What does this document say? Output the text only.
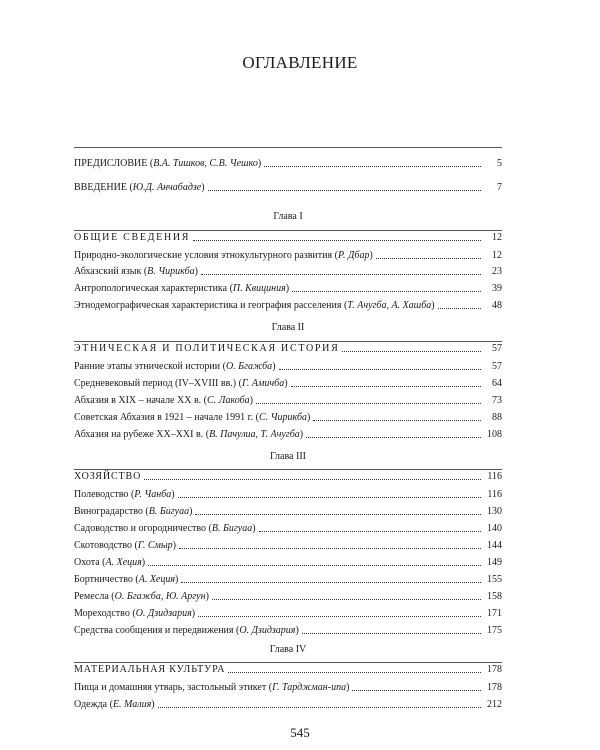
ОГЛАВЛЕНИЕ
ПРЕДИСЛОВИЕ (В.А. Тишков, С.В. Чешко)	5
ВВЕДЕНИЕ (Ю.Д. Анчабадзе)	7
Глава I
ОБЩИЕ СВЕДЕНИЯ	12
Природно-экологические условия этнокультурного развития (Р. Дбар)	12
Абхазский язык (В. Чирикба)	23
Антропологическая характеристика (П. Квициния)	39
Этнодемографическая характеристика и география расселения (Т. Ачугба, А. Хашба)	48
Глава II
ЭТНИЧЕСКАЯ И ПОЛИТИЧЕСКАЯ ИСТОРИЯ	57
Ранние этапы этнической истории (О. Бгажба)	57
Средневековый период (IV–XVIII вв.) (Г. Амичба)	64
Абхазия в XIX – начале XX в. (С. Лакоба)	73
Советская Абхазия в 1921 – начале 1991 г. (С. Чирикба)	88
Абхазия на рубеже XX–XXI в. (В. Пачулиа, Т. Ачугба)	108
Глава III
ХОЗЯЙСТВО	116
Полеводство (Р. Чанба)	116
Виноградарство (В. Бигуаа)	130
Садоводство и огородничество (В. Бигуаа)	140
Скотоводство (Г. Смыр)	144
Охота (А. Хеция)	149
Бортничество (А. Хеция)	155
Ремесла (О. Бгажба, Ю. Аргун)	158
Мореходство (О. Дзидзария)	171
Средства сообщения и передвижения (О. Дзидзария)	175
Глава IV
МАТЕРИАЛЬНАЯ КУЛЬТУРА	178
Пища и домашняя утварь, застольный этикет (Г. Тарджман-ипа)	178
Одежда (Е. Малия)	212
545
